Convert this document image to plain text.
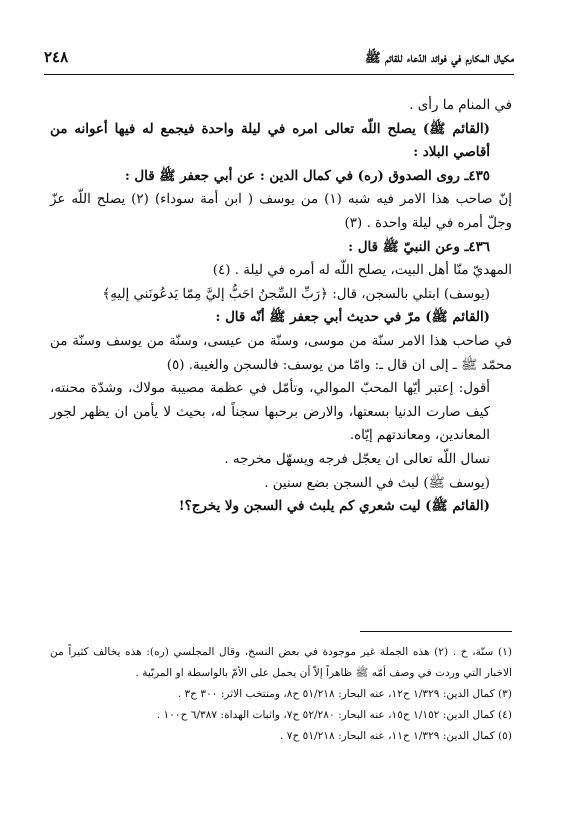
مكيال المكارم في فوائد الدّعاء للقائم ﷺ
٢٤٨

في المنام ما رأى .

(القائم ﷺ) يصلح اللّه تعالى امره في ليلة واحدة فيجمع له فيها أعوانه من أقاصي البلاد :

٤٣٥ـ روى الصدوق (ره) في كمال الدين : عن أبي جعفر ﷺ قال :

إنّ صاحب هذا الامر فيه شبه (١) من يوسف ( ابن أمة سوداء) (٢) يصلح اللّه عزّ وجلّ أمره في ليلة واحدة . (٣)

٤٣٦ـ وعن النبيّ ﷺ قال :

المهديّ منّا أهل البيت، يصلح اللّه له أمره في ليلة . (٤)

(يوسف) ابتلي بالسجن، قال: ﴿رَبِّ السِّجنُ احَبُّ إليَّ مِمّا يَدعُونَني إليهِ﴾

(القائم ﷺ) مرّ في حديث أبي جعفر ﷺ أنّه قال :

في صاحب هذا الامر سنّة من موسى، وسنّة من عيسى، وسنّة من يوسف وسنّة من محمّد ﷺ ـ إلى ان قال ـ: وامّا من يوسف: فالسجن والغيبة. (٥)

أقول: إعتبر أيّها المحبّ الموالي، وتأمّل في عظمة مصيبة مولاك، وشدّة محنته، كيف صارت الدنيا بسعتها، والارض برحبها سجناً له، بحيث لا يأمن ان يظهر لجور المعاندين، ومعاندتهم إيّاه.

نسال اللّه تعالى ان يعجّل فرجه ويسهّل مخرجه .

(يوسف ﷺ) لبث في السجن بضع سنين .

(القائم ﷺ) ليت شعري كم يلبث في السجن ولا يخرج؟!

(١) سنّة، خ . (٢) هذه الجملة غير موجودة في بعض النسخ، وقال المجلسي (ره): هذه يخالف كثيراً من الاخبار التي وردت في وصف أمّه ﷺ ظاهراً إلاّ أن يحمل على الأمّ بالواسطة او المربّية .

(٣) كمال الدين: ١/٣٢٩ ح١٢، عنه البحار: ٥١/٢١٨ ح٨، ومنتخب الاثر: ٣٠٠ ح٣ .

(٤) كمال الدين: ١/١٥٢ ح١٥، عنه البحار: ٥٢/٢٨٠ ح٧، واثبات الهداة: ٦/٣٨٧ ح١٠٠ .

(٥) كمال الدين: ١/٣٢٩ ح١١، عنه البحار: ٥١/٢١٨ ح٧ .
